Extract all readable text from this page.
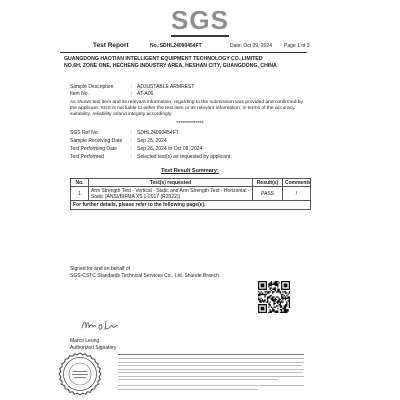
SGS
Test Report	No.:SDHL24090454FT	Date: Oct 09, 2024 Page 1 of 3
GUANGDONG HAOTIAN INTELLIGENT EQUIPMENT TECHNOLOGY CO.,LIMITED
NO.6H, ZONE ONE, HECHENG INDUSTRY AREA, HESHAN CITY, GUANGDONG, CHINA
Sample Description	: ADJUSTABLE ARMREST
Item No.	: AT-A06
As shown test item and its relevant information, regarding to the submission was provided and confirmed by the applicant. SGS is not liable to either the test item or its relevant information, in terms of the accuracy, suitability, reliability or/and integrity accordingly.
**************
SGS Ref No.	: SDHL24090454FT
Sample Receiving Date : Sep 25, 2024
Test Performing Date	: Sep 26, 2024 to Oct 09, 2024
Test Performed	: Selected test(s) as requested by applicant
Test Result Summary:
No.	Test(s) requested	Result(s)	Comments
1	Arm Strength Test - Vertical - Static and Arm Strength Test - Horizontal - Static (ANSI/BIFMA X5.1-2017 (R2022))	PASS	/
For further details, please refer to the following page(s).			
Signed for and on behalf of
SGS-CSTC Standards Technical Services Co., Ltd. Shunde Branch
Marco Leung
Authorized Signatory
